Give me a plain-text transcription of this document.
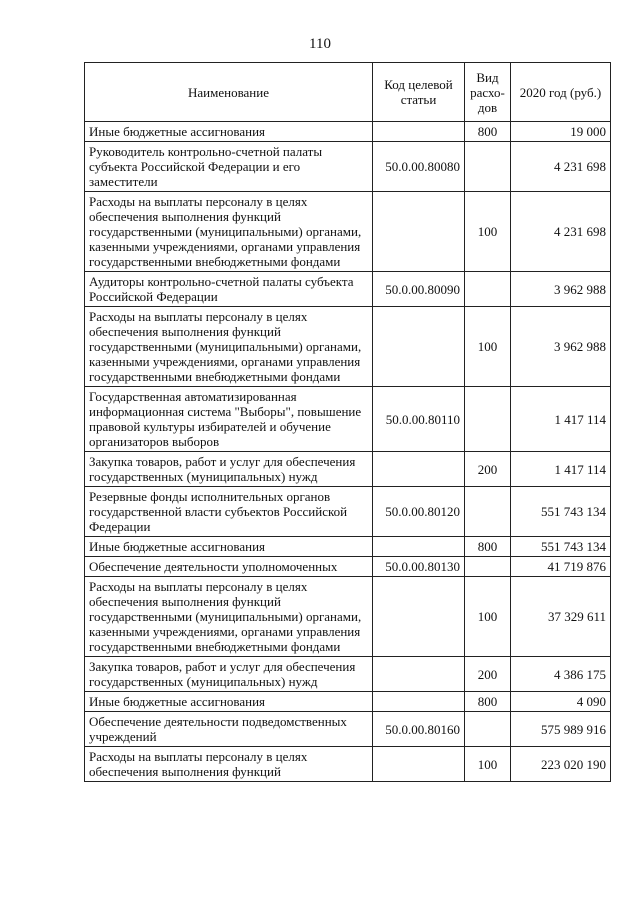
110
Наименование	Код целевой статьи	Вид расхо-дов	2020 год (руб.)
Иные бюджетные ассигнования		800	19 000
Руководитель контрольно-счетной палаты субъекта Российской Федерации и его заместители	50.0.00.80080		4 231 698
Расходы на выплаты персоналу в целях обеспечения выполнения функций государственными (муниципальными) органами, казенными учреждениями, органами управления государственными внебюджетными фондами		100	4 231 698
Аудиторы контрольно-счетной палаты субъекта Российской Федерации	50.0.00.80090		3 962 988
Расходы на выплаты персоналу в целях обеспечения выполнения функций государственными (муниципальными) органами, казенными учреждениями, органами управления государственными внебюджетными фондами		100	3 962 988
Государственная автоматизированная информационная система "Выборы", повышение правовой культуры избирателей и обучение организаторов выборов	50.0.00.80110		1 417 114
Закупка товаров, работ и услуг для обеспечения государственных (муниципальных) нужд		200	1 417 114
Резервные фонды исполнительных органов государственной власти субъектов Российской Федерации	50.0.00.80120		551 743 134
Иные бюджетные ассигнования		800	551 743 134
Обеспечение деятельности уполномоченных	50.0.00.80130		41 719 876
Расходы на выплаты персоналу в целях обеспечения выполнения функций государственными (муниципальными) органами, казенными учреждениями, органами управления государственными внебюджетными фондами		100	37 329 611
Закупка товаров, работ и услуг для обеспечения государственных (муниципальных) нужд		200	4 386 175
Иные бюджетные ассигнования		800	4 090
Обеспечение деятельности подведомственных учреждений	50.0.00.80160		575 989 916
Расходы на выплаты персоналу в целях обеспечения выполнения функций		100	223 020 190
